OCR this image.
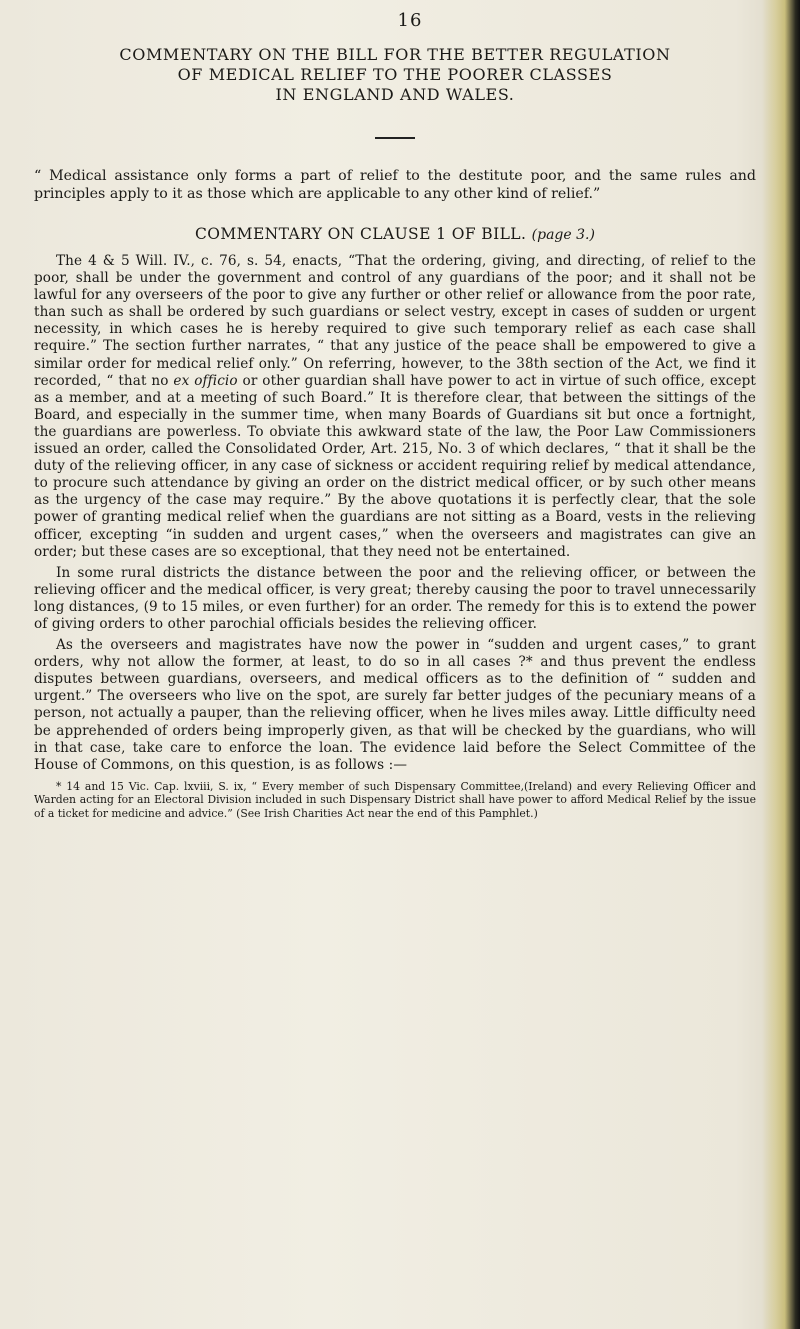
16
COMMENTARY ON THE BILL FOR THE BETTER REGULATION
OF MEDICAL RELIEF TO THE POORER CLASSES
IN ENGLAND AND WALES.

“ Medical assistance only forms a part of relief to the destitute poor, and the same rules and principles apply to it as those which are applicable to any other kind of relief.”

COMMENTARY ON CLAUSE 1 OF BILL. (page 3.)

The 4 & 5 Will. IV., c. 76, s. 54, enacts, “That the ordering, giving, and directing, of relief to the poor, shall be under the government and control of any guardians of the poor; and it shall not be lawful for any overseers of the poor to give any further or other relief or allowance from the poor rate, than such as shall be ordered by such guardians or select vestry, except in cases of sudden or urgent necessity, in which cases he is hereby required to give such temporary relief as each case shall require.” The section further narrates, “ that any justice of the peace shall be empowered to give a similar order for medical relief only.” On referring, however, to the 38th section of the Act, we find it recorded, “ that no ex officio or other guardian shall have power to act in virtue of such office, except as a member, and at a meeting of such Board.” It is therefore clear, that between the sittings of the Board, and especially in the summer time, when many Boards of Guardians sit but once a fortnight, the guardians are powerless. To obviate this awkward state of the law, the Poor Law Commissioners issued an order, called the Consolidated Order, Art. 215, No. 3 of which declares, “ that it shall be the duty of the relieving officer, in any case of sickness or accident requiring relief by medical attendance, to procure such attendance by giving an order on the district medical officer, or by such other means as the urgency of the case may require.” By the above quotations it is perfectly clear, that the sole power of granting medical relief when the guardians are not sitting as a Board, vests in the relieving officer, excepting “in sudden and urgent cases,” when the overseers and magistrates can give an order; but these cases are so exceptional, that they need not be entertained.

In some rural districts the distance between the poor and the relieving officer, or between the relieving officer and the medical officer, is very great; thereby causing the poor to travel unnecessarily long distances, (9 to 15 miles, or even further) for an order. The remedy for this is to extend the power of giving orders to other parochial officials besides the relieving officer.

As the overseers and magistrates have now the power in “sudden and urgent cases,” to grant orders, why not allow the former, at least, to do so in all cases ?* and thus prevent the endless disputes between guardians, overseers, and medical officers as to the definition of “ sudden and urgent.” The overseers who live on the spot, are surely far better judges of the pecuniary means of a person, not actually a pauper, than the relieving officer, when he lives miles away. Little difficulty need be apprehended of orders being improperly given, as that will be checked by the guardians, who will in that case, take care to enforce the loan. The evidence laid before the Select Committee of the House of Commons, on this question, is as follows :—

* 14 and 15 Vic. Cap. lxviii, S. ix, “ Every member of such Dispensary Committee,(Ireland) and every Relieving Officer and Warden acting for an Electoral Division included in such Dispensary District shall have power to afford Medical Relief by the issue of a ticket for medicine and advice.” (See Irish Charities Act near the end of this Pamphlet.)
